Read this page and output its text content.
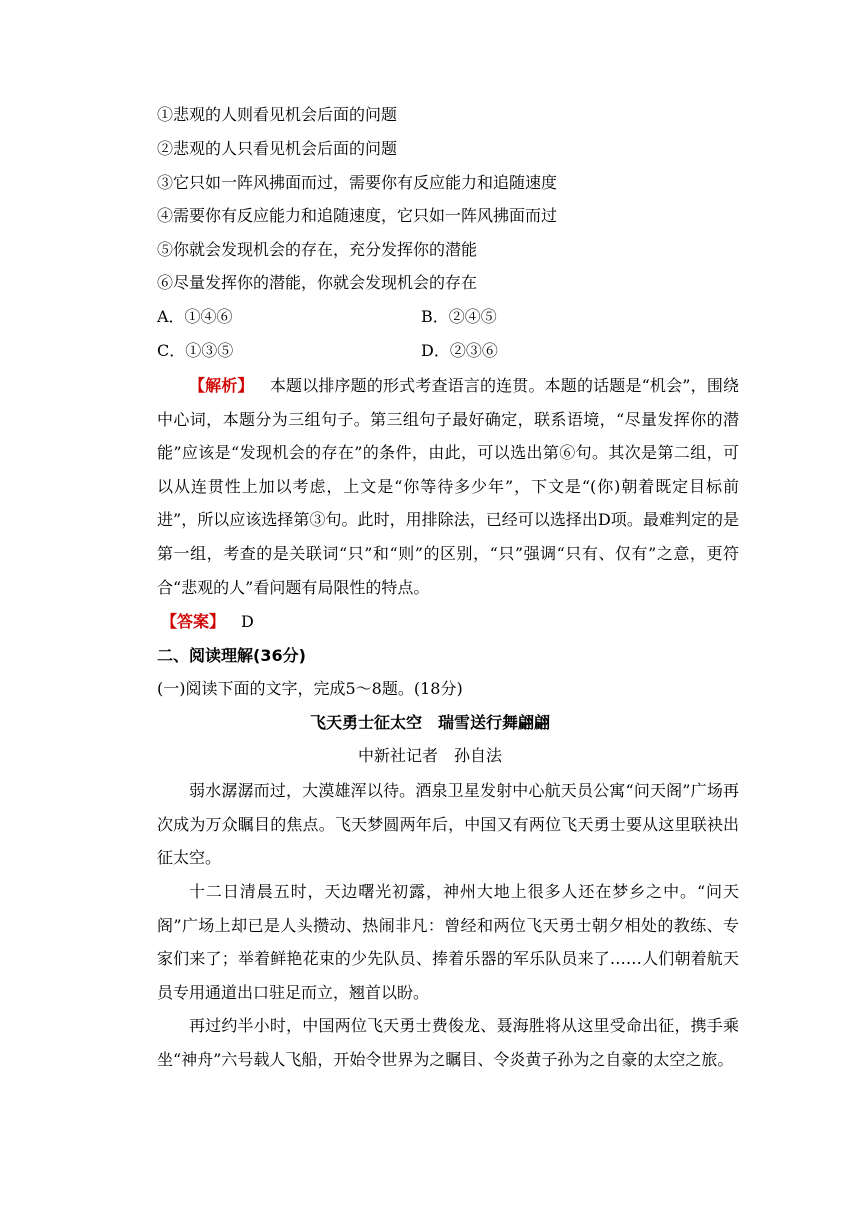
①悲观的人则看见机会后面的问题
②悲观的人只看见机会后面的问题
③它只如一阵风拂面而过，需要你有反应能力和追随速度
④需要你有反应能力和追随速度，它只如一阵风拂面而过
⑤你就会发现机会的存在，充分发挥你的潜能
⑥尽量发挥你的潜能，你就会发现机会的存在
A．①④⑥	B．②④⑤
C．①③⑤	D．②③⑥
【解析】 本题以排序题的形式考查语言的连贯。本题的话题是“机会”，围绕中心词，本题分为三组句子。第三组句子最好确定，联系语境，“尽量发挥你的潜能”应该是“发现机会的存在”的条件，由此，可以选出第⑥句。其次是第二组，可以从连贯性上加以考虑，上文是“你等待多少年”，下文是“(你)朝着既定目标前进”，所以应该选择第③句。此时，用排除法，已经可以选择出D项。最难判定的是第一组，考查的是关联词“只”和“则”的区别，“只”强调“只有、仅有”之意，更符合“悲观的人”看问题有局限性的特点。
【答案】 D
二、阅读理解(36分)
(一)阅读下面的文字，完成5～8题。(18分)
飞天勇士征太空　瑞雪送行舞翩翩
中新社记者　孙自法
弱水潺潺而过，大漠雄浑以待。酒泉卫星发射中心航天员公寓“问天阁”广场再次成为万众瞩目的焦点。飞天梦圆两年后，中国又有两位飞天勇士要从这里联袂出征太空。
十二日清晨五时，天边曙光初露，神州大地上很多人还在梦乡之中。“问天阁”广场上却已是人头攒动、热闹非凡：曾经和两位飞天勇士朝夕相处的教练、专家们来了；举着鲜艳花束的少先队员、捧着乐器的军乐队员来了……人们朝着航天员专用通道出口驻足而立，翘首以盼。
再过约半小时，中国两位飞天勇士费俊龙、聂海胜将从这里受命出征，携手乘坐“神舟”六号载人飞船，开始令世界为之瞩目、令炎黄子孙为之自豪的太空之旅。
